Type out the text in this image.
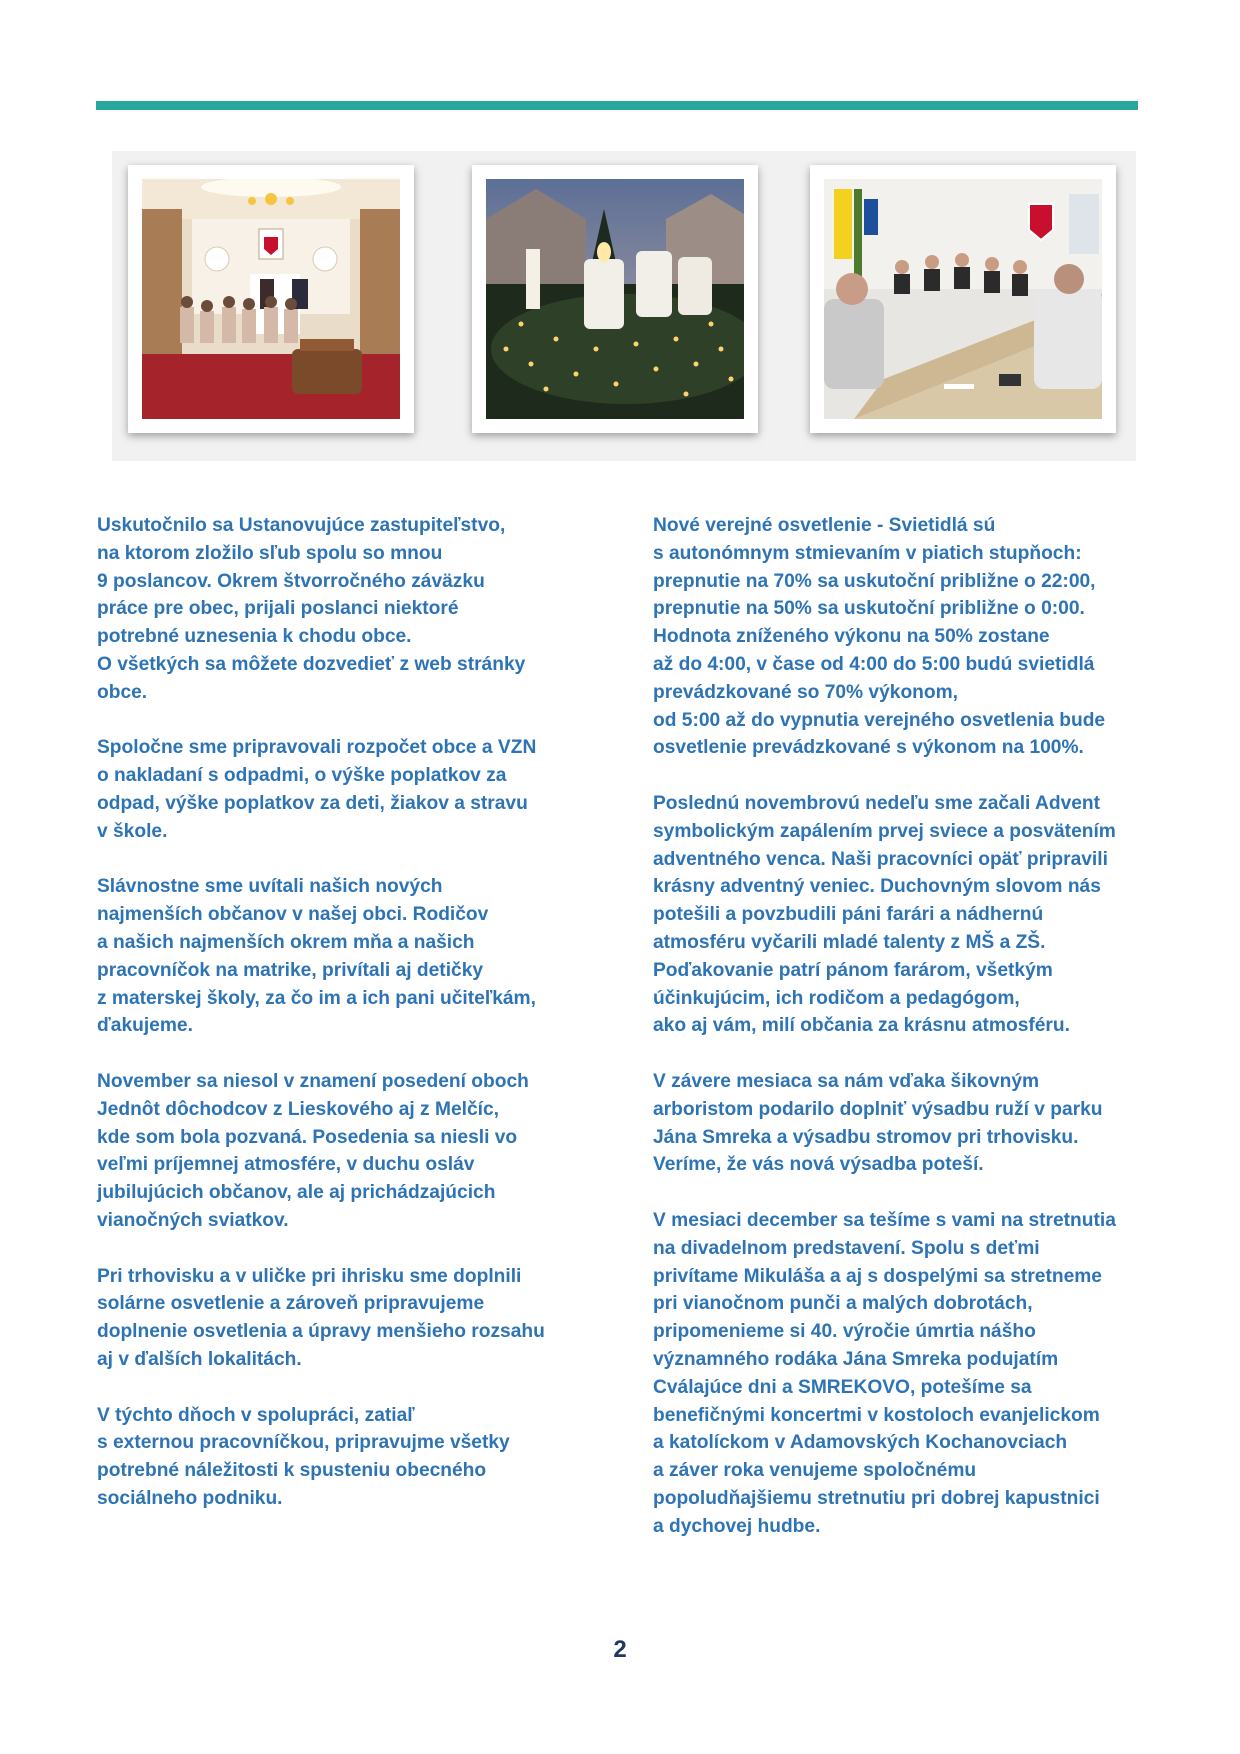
Uskutočnilo sa Ustanovujúce zastupiteľstvo,
na ktorom zložilo sľub spolu so mnou
9 poslancov. Okrem štvorročného záväzku
práce pre obec, prijali poslanci niektoré
potrebné uznesenia k chodu obce.
O všetkých sa môžete dozvedieť z web stránky
obce.

Spoločne sme pripravovali rozpočet obce a VZN
o nakladaní s odpadmi, o výške poplatkov za
odpad, výške poplatkov za deti, žiakov a stravu
v škole.

Slávnostne sme uvítali našich nových
najmenších občanov v našej obci. Rodičov
a našich najmenších okrem mňa a našich
pracovníčok na matrike, privítali aj detičky
z materskej školy, za čo im a ich pani učiteľkám,
ďakujeme.

November sa niesol v znamení posedení oboch
Jednôt dôchodcov z Lieskového aj z Melčíc,
kde som bola pozvaná. Posedenia sa niesli vo
veľmi príjemnej atmosfére, v duchu osláv
jubilujúcich občanov, ale aj prichádzajúcich
vianočných sviatkov.

Pri trhovisku a v uličke pri ihrisku sme doplnili
solárne osvetlenie a zároveň pripravujeme
doplnenie osvetlenia a úpravy menšieho rozsahu
aj v ďalších lokalitách.

V týchto dňoch v spolupráci, zatiaľ
s externou pracovníčkou, pripravujme všetky
potrebné náležitosti k spusteniu obecného
sociálneho podniku.

Nové verejné osvetlenie - Svietidlá sú
s autonómnym stmievaním v piatich stupňoch:
prepnutie na 70% sa uskutoční približne o 22:00,
prepnutie na 50% sa uskutoční približne o 0:00.
Hodnota zníženého výkonu na 50% zostane
až do 4:00, v čase od 4:00 do 5:00 budú svietidlá
prevádzkované so 70% výkonom,
od 5:00 až do vypnutia verejného osvetlenia bude
osvetlenie prevádzkované s výkonom na 100%.

Poslednú novembrovú nedeľu sme začali Advent
symbolickým zapálením prvej sviece a posvätením
adventného venca. Naši pracovníci opäť pripravili
krásny adventný veniec. Duchovným slovom nás
potešili a povzbudili páni farári a nádhernú
atmosféru vyčarili mladé talenty z MŠ a ZŠ.
Poďakovanie patrí pánom farárom, všetkým
účinkujúcim, ich rodičom a pedagógom,
ako aj vám, milí občania za krásnu atmosféru.

V závere mesiaca sa nám vďaka šikovným
arboristom podarilo doplniť výsadbu ruží v parku
Jána Smreka a výsadbu stromov pri trhovisku.
Veríme, že vás nová výsadba poteší.

V mesiaci december sa tešíme s vami na stretnutia
na divadelnom predstavení. Spolu s deťmi
privítame Mikuláša a aj s dospelými sa stretneme
pri vianočnom punči a malých dobrotách,
pripomenieme si 40. výročie úmrtia nášho
významného rodáka Jána Smreka podujatím
Cválajúce dni a SMREKOVO, potešíme sa
benefičnými koncertmi v kostoloch evanjelickom
a katolíckom v Adamovských Kochanovciach
a záver roka venujeme spoločnému
popoludňajšiemu stretnutiu pri dobrej kapustnici
a dychovej hudbe.

2
